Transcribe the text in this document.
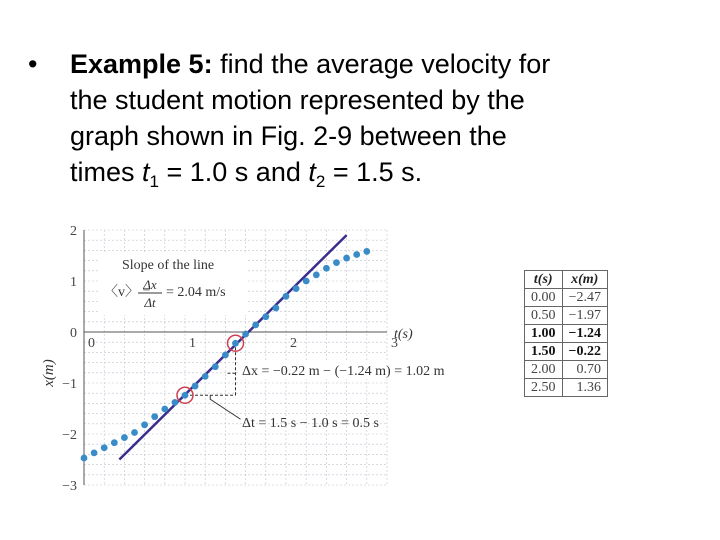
• Example 5: find the average velocity for
the student motion represented by the
graph shown in Fig. 2-9 between the
times $t_1 = 1.0$ s and $t_2 = 1.5$ s.
0	1	2	3
−3
−2
−1
0
1
2
t(s)
x(m)
Slope of the line
〈v〉 =
Δx
Δt
= 2.04 m/s
Δx = −0.22 m − (−1.24 m) = 1.02 m
Δt = 1.5 s − 1.0 s = 0.5 s
t(s)	x(m)
0.00	−2.47
0.50	−1.97
1.00	−1.24
1.50	−0.22
2.00	0.70
2.50	1.36
